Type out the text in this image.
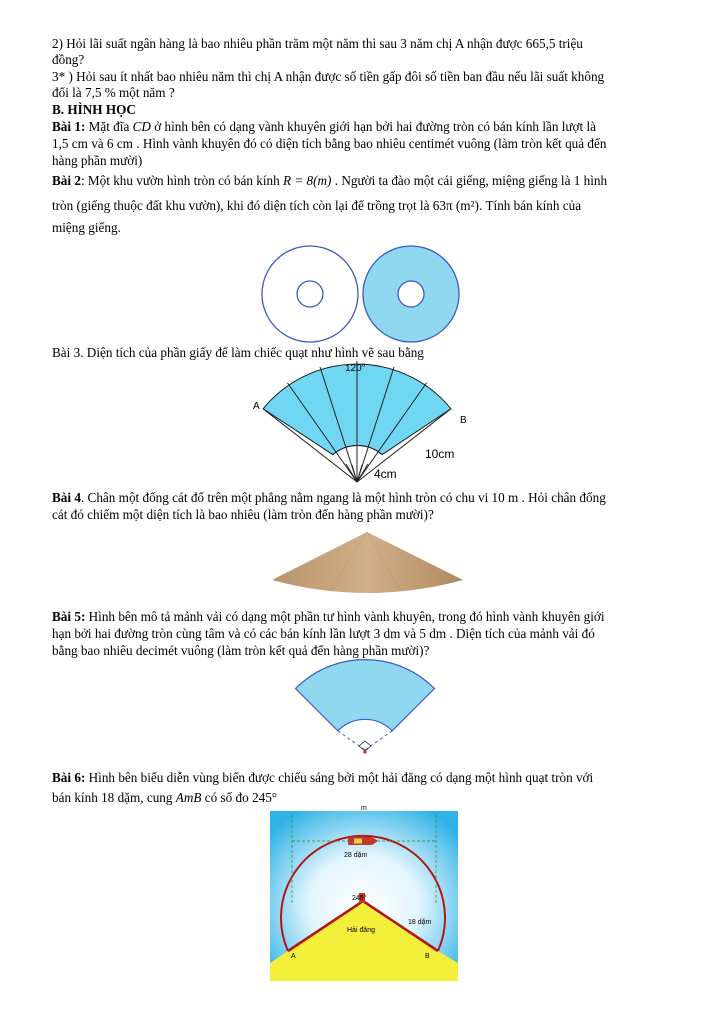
2) Hỏi lãi suất ngân hàng là bao nhiêu phần trăm một năm thì sau 3 năm chị A nhận được 665,5 triệu
đồng?
3* ) Hỏi sau ít nhất bao nhiêu năm thì chị A nhận được số tiền gấp đôi số tiền ban đầu nếu lãi suất không
đổi là 7,5 % một năm ?
B. HÌNH HỌC
Bài 1: Mặt đĩa CD ở hình bên có dạng vành khuyên giới hạn bởi hai đường tròn có bán kính lần lượt là
1,5 cm và 6 cm . Hình vành khuyên đó có diện tích bằng bao nhiêu centimét vuông (làm tròn kết quả đến
hàng phần mười)
Bài 2: Một khu vườn hình tròn có bán kính R = 8(m) . Người ta đào một cái giếng, miệng giếng là 1 hình
tròn (giếng thuộc đất khu vườn), khi đó diện tích còn lại để trồng trọt là 63π (m²). Tính bán kính của
miệng giếng.
Bài 3. Diện tích của phần giấy để làm chiếc quạt như hình vẽ sau bằng
120°
A
B
10cm
4cm
Bài 4. Chân một đống cát đổ trên một phẳng nằm ngang là một hình tròn có chu vi 10 m . Hỏi chân đống
cát đó chiếm một diện tích là bao nhiêu (làm tròn đến hàng phần mười)?
Bài 5: Hình bên mô tả mảnh vải có dạng một phần tư hình vành khuyên, trong đó hình vành khuyên giới
hạn bởi hai đường tròn cùng tâm và có các bán kính lần lượt 3 dm và 5 dm . Diện tích của mảnh vải đó
bằng bao nhiêu decimét vuông (làm tròn kết quả đến hàng phần mười)?
Bài 6: Hình bên biểu diễn vùng biển được chiếu sáng bởi một hải đăng có dạng một hình quạt tròn với
bán kính 18 dặm, cung AmB có số đo 245°
m
28 dặm
245°
18 dặm
Hải đăng
A	B
